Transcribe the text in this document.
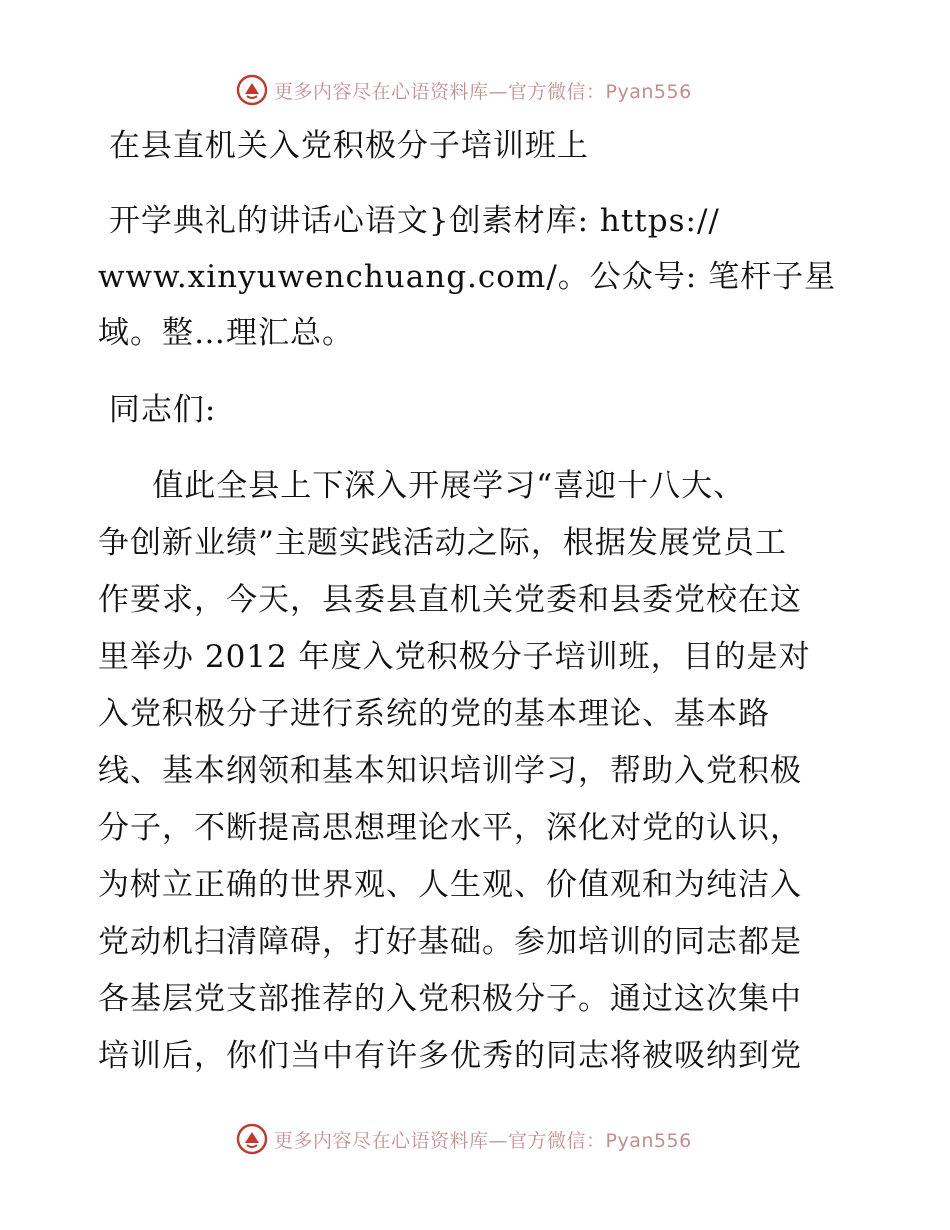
更多内容尽在心语资料库—官方微信：Pyan556
在县直机关入党积极分子培训班上
开学典礼的讲话心语文}创素材库: https://
www.xinyuwenchuang.com/。公众号: 笔杆子星
域。整…理汇总。
同志们:
值此全县上下深入开展学习“喜迎十八大、
争创新业绩”主题实践活动之际，根据发展党员工
作要求，今天，县委县直机关党委和县委党校在这
里举办 2012 年度入党积极分子培训班，目的是对
入党积极分子进行系统的党的基本理论、基本路
线、基本纲领和基本知识培训学习，帮助入党积极
分子，不断提高思想理论水平，深化对党的认识，
为树立正确的世界观、人生观、价值观和为纯洁入
党动机扫清障碍，打好基础。参加培训的同志都是
各基层党支部推荐的入党积极分子。通过这次集中
培训后，你们当中有许多优秀的同志将被吸纳到党
更多内容尽在心语资料库—官方微信：Pyan556
